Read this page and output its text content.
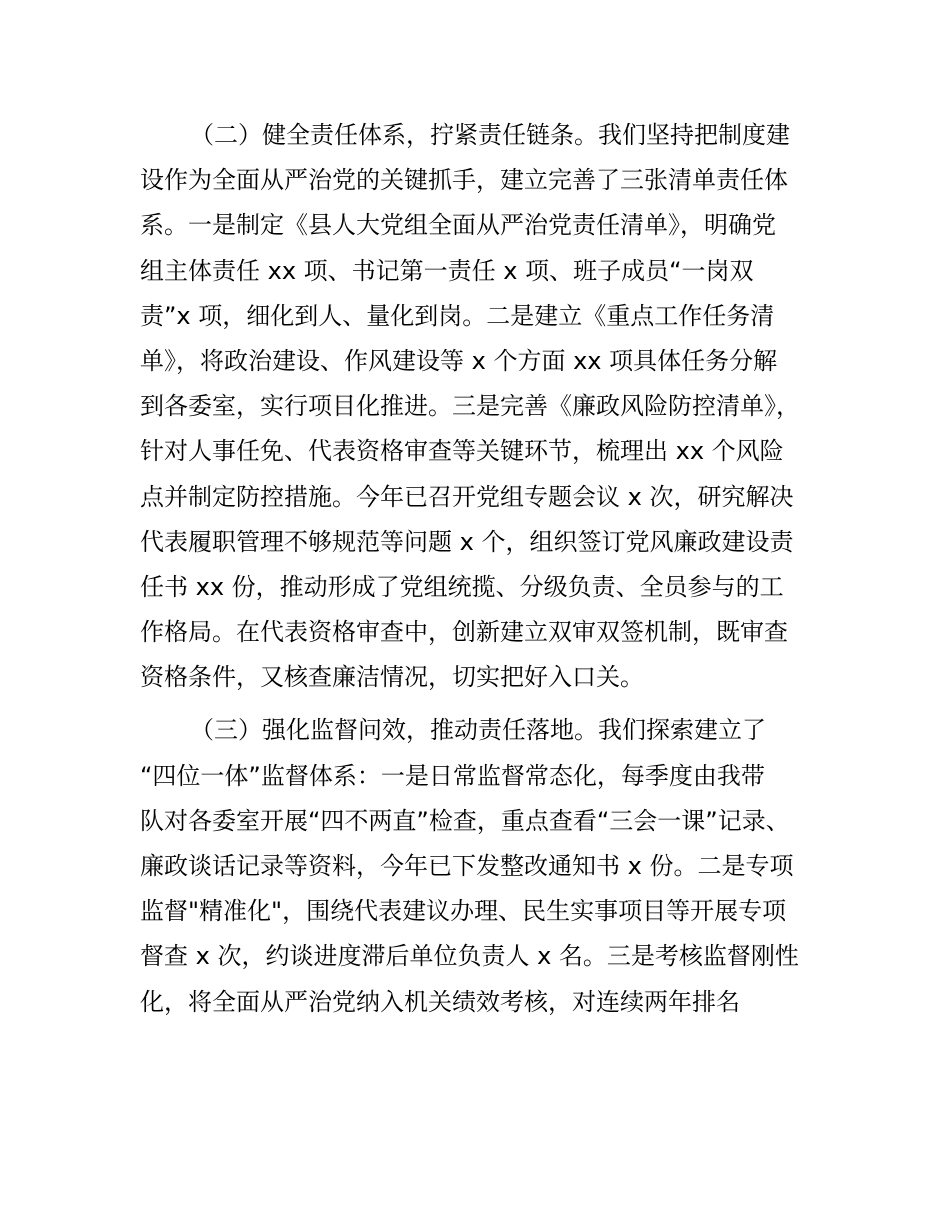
（二）健全责任体系，拧紧责任链条。我们坚持把制度建
设作为全面从严治党的关键抓手，建立完善了三张清单责任体
系。一是制定《县人大党组全面从严治党责任清单》，明确党
组主体责任 xx 项、书记第一责任 x 项、班子成员“一岗双
责”x 项，细化到人、量化到岗。二是建立《重点工作任务清
单》，将政治建设、作风建设等 x 个方面 xx 项具体任务分解
到各委室，实行项目化推进。三是完善《廉政风险防控清单》，
针对人事任免、代表资格审查等关键环节，梳理出 xx 个风险
点并制定防控措施。今年已召开党组专题会议 x 次，研究解决
代表履职管理不够规范等问题 x 个，组织签订党风廉政建设责
任书 xx 份，推动形成了党组统揽、分级负责、全员参与的工
作格局。在代表资格审查中，创新建立双审双签机制，既审查
资格条件，又核查廉洁情况，切实把好入口关。
（三）强化监督问效，推动责任落地。我们探索建立了
“四位一体”监督体系：一是日常监督常态化，每季度由我带
队对各委室开展“四不两直”检查，重点查看“三会一课”记录、
廉政谈话记录等资料，今年已下发整改通知书 x 份。二是专项
监督"精准化"，围绕代表建议办理、民生实事项目等开展专项
督查 x 次，约谈进度滞后单位负责人 x 名。三是考核监督刚性
化，将全面从严治党纳入机关绩效考核，对连续两年排名
